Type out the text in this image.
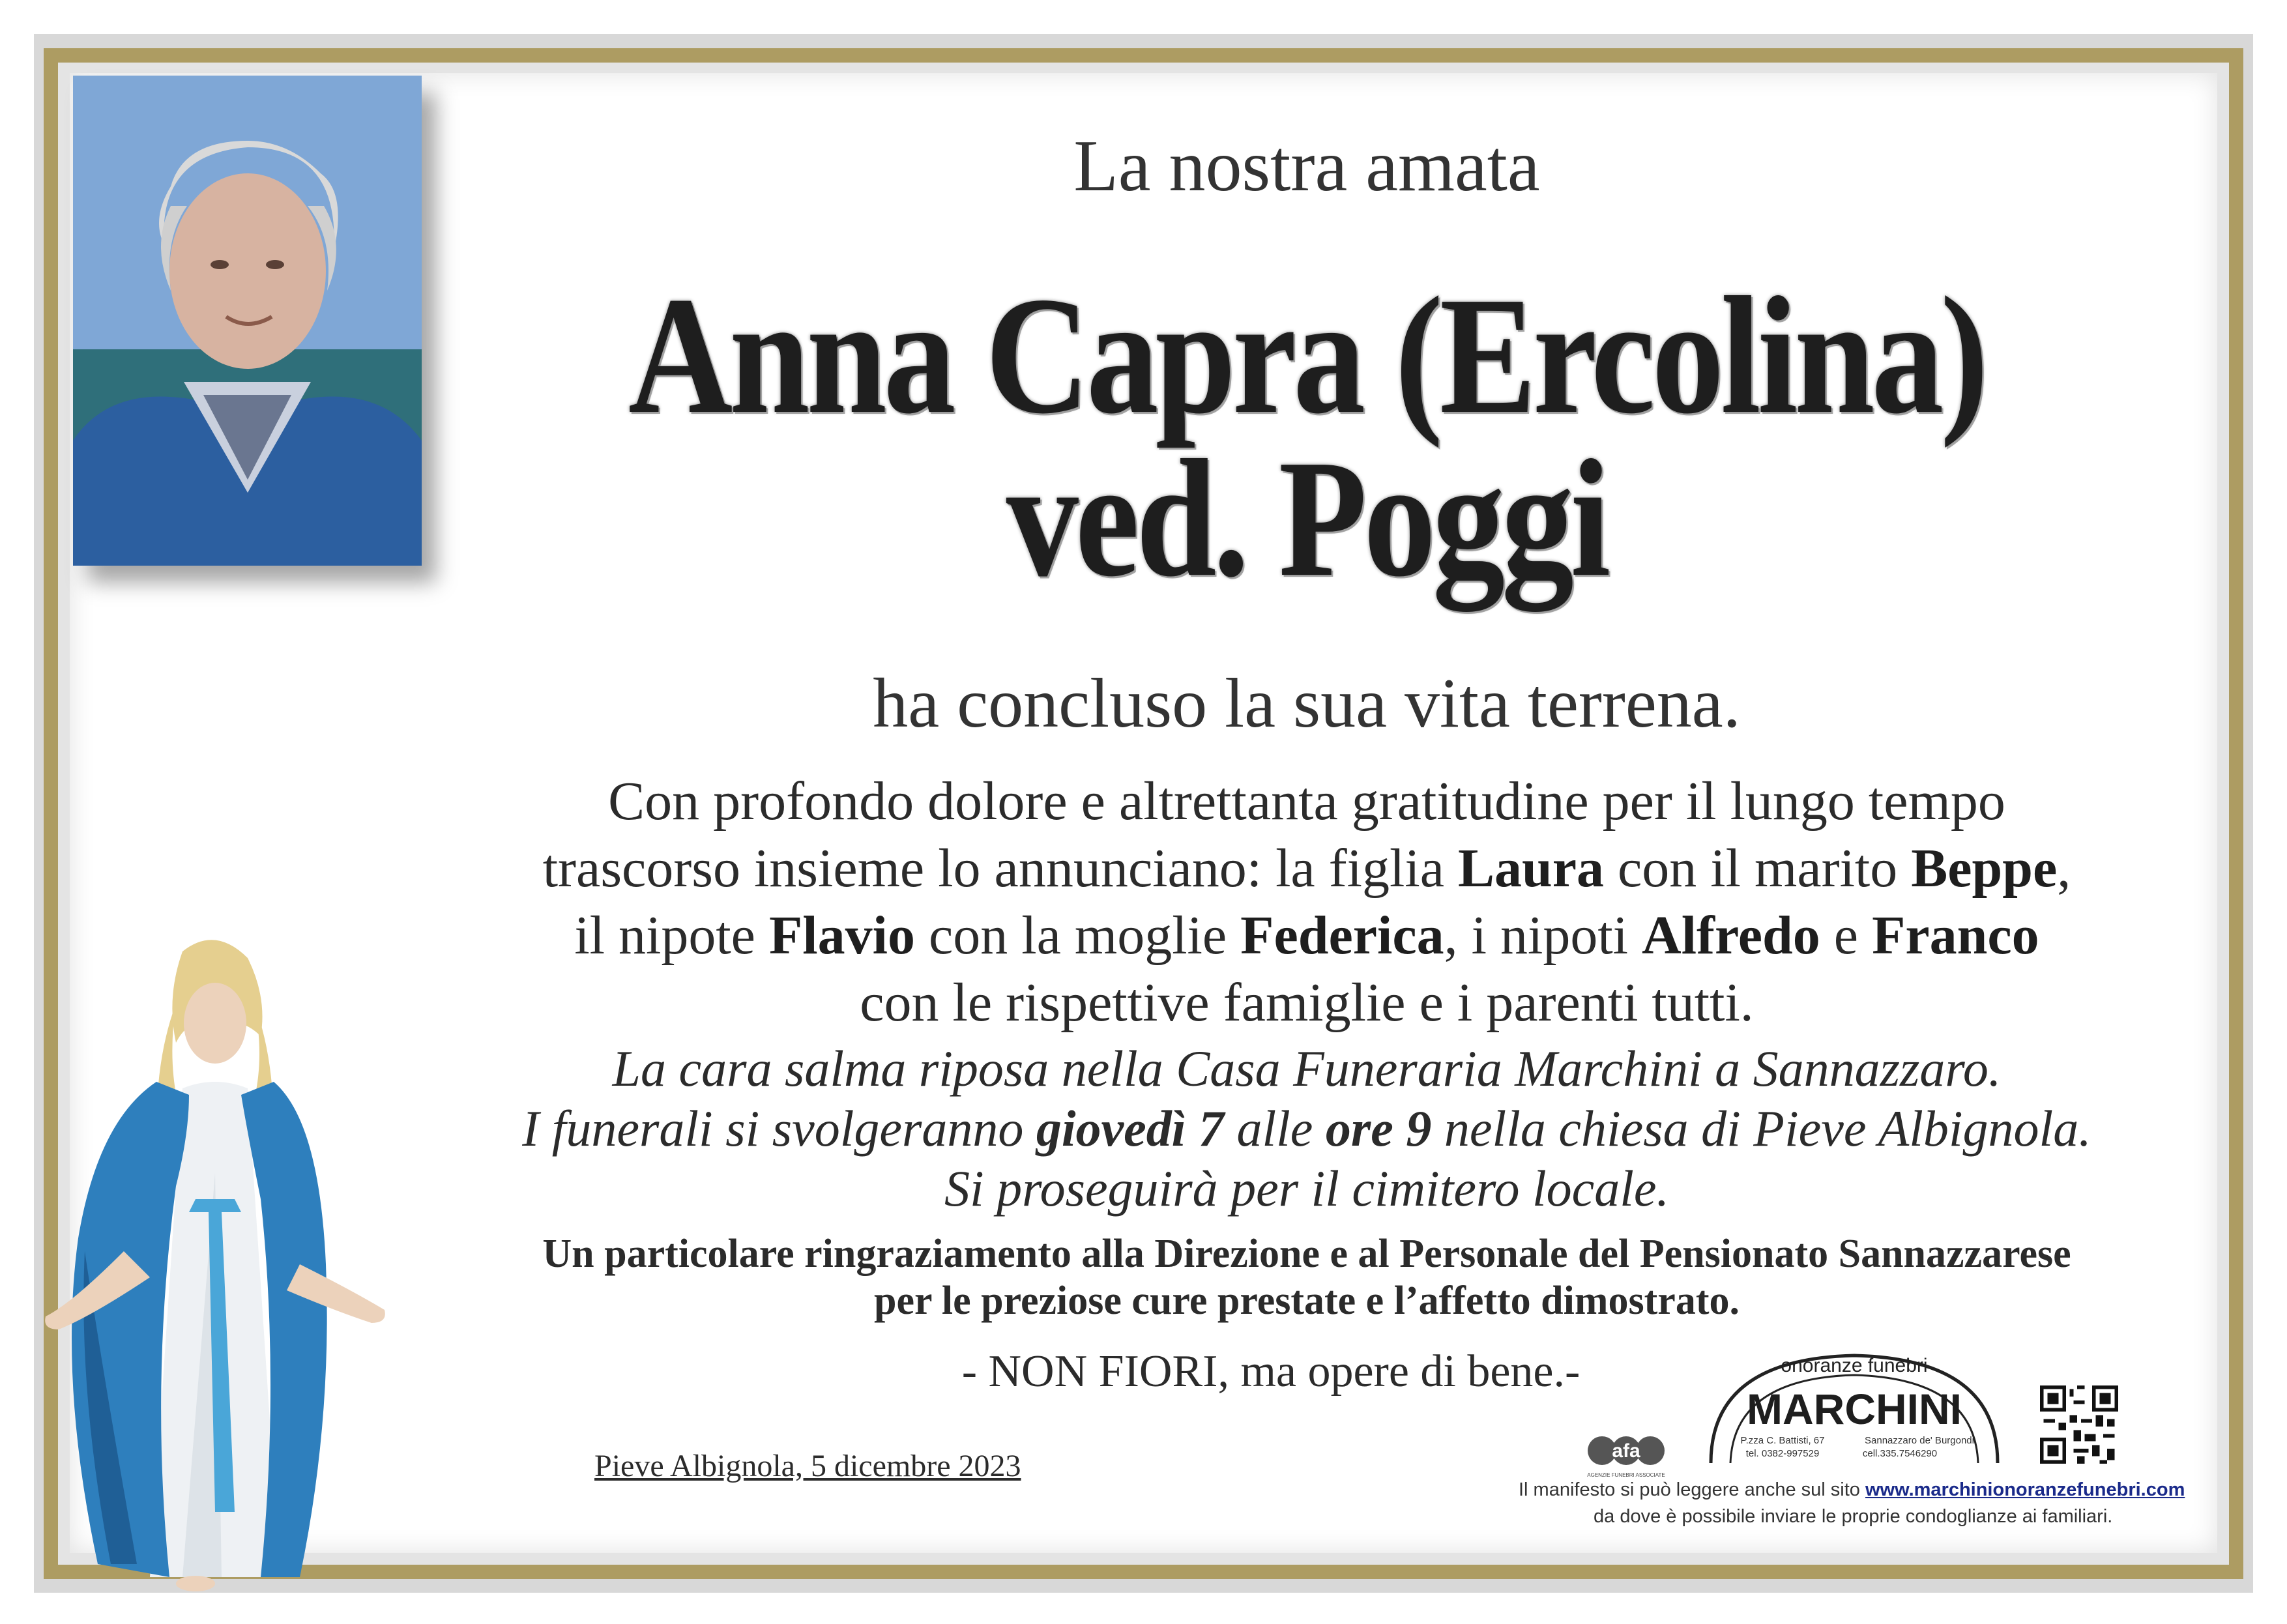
La nostra amata
Anna Capra (Ercolina)
ved. Poggi
ha concluso la sua vita terrena.
Con profondo dolore e altrettanta gratitudine per il lungo tempo
trascorso insieme lo annunciano: la figlia Laura con il marito Beppe,
il nipote Flavio con la moglie Federica, i nipoti Alfredo e Franco
con le rispettive famiglie e i parenti tutti.
La cara salma riposa nella Casa Funeraria Marchini a Sannazzaro.
I funerali si svolgeranno giovedì 7 alle ore 9 nella chiesa di Pieve Albignola.
Si proseguirà per il cimitero locale.
Un particolare ringraziamento alla Direzione e al Personale del Pensionato Sannazzarese
per le preziose cure prestate e l’affetto dimostrato.
- NON FIORI, ma opere di bene.-
Pieve Albignola, 5 dicembre 2023	afa
AGENZIE FUNEBRI ASSOCIATE
onoranze funebri
MARCHINI
P.zza C. Battisti, 67	Sannazzaro de' Burgondi
tel. 0382-997529	cell.335.7546290
Il manifesto si può leggere anche sul sito www.marchinionoranzefunebri.com
da dove è possibile inviare le proprie condoglianze ai familiari.
